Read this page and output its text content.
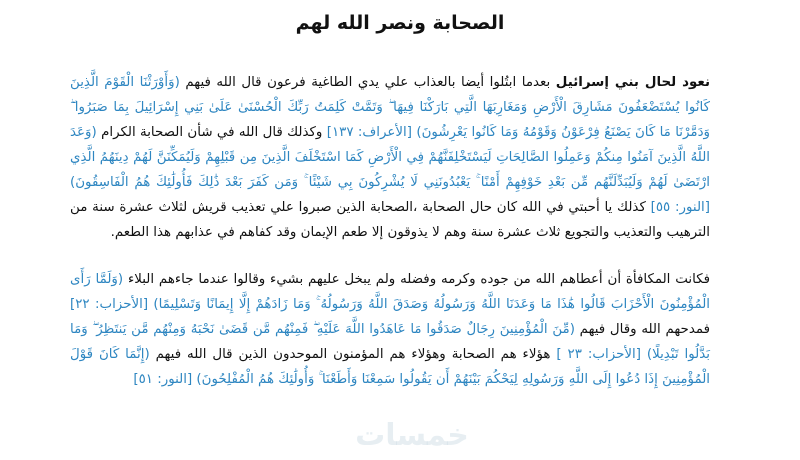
الصحابة ونصر الله لهم

نعود لحال بني إسرائيل بعدما ابتُلوا أيضا بالعذاب علي يدي الطاغية فرعون قال الله فيهم (وَأَوْرَثْنَا الْقَوْمَ الَّذِينَ كَانُوا يُسْتَضْعَفُونَ مَشَارِقَ الْأَرْضِ وَمَغَارِبَهَا الَّتِي بَارَكْنَا فِيهَا ۖ وَتَمَّتْ كَلِمَتُ رَبِّكَ الْحُسْنَىٰ عَلَىٰ بَنِي إِسْرَائِيلَ بِمَا صَبَرُوا ۖ وَدَمَّرْنَا مَا كَانَ يَصْنَعُ فِرْعَوْنُ وَقَوْمُهُ وَمَا كَانُوا يَعْرِشُونَ) [الأعراف: ١٣٧] وكذلك قال الله في شأن الصحابة الكرام (وَعَدَ اللَّهُ الَّذِينَ آمَنُوا مِنكُمْ وَعَمِلُوا الصَّالِحَاتِ لَيَسْتَخْلِفَنَّهُمْ فِي الْأَرْضِ كَمَا اسْتَخْلَفَ الَّذِينَ مِن قَبْلِهِمْ وَلَيُمَكِّنَنَّ لَهُمْ دِينَهُمُ الَّذِي ارْتَضَىٰ لَهُمْ وَلَيُبَدِّلَنَّهُم مِّن بَعْدِ خَوْفِهِمْ أَمْنًا ۚ يَعْبُدُونَنِي لَا يُشْرِكُونَ بِي شَيْئًا ۚ وَمَن كَفَرَ بَعْدَ ذَٰلِكَ فَأُولَٰئِكَ هُمُ الْفَاسِقُونَ) [النور: ٥٥] كذلك يا أحبتي في الله كان حال الصحابة ،الصحابة الذين صبروا علي تعذيب قريش لثلاث عشرة سنة من الترهيب والتعذيب والتجويع ثلاث عشرة سنة وهم لا يذوقون إلا طعم الإيمان وقد كفاهم في عذابهم هذا الطعم.

فكانت المكافأة أن أعطاهم الله من جوده وكرمه وفضله ولم يبخل عليهم بشيء وقالوا عندما جاءهم البلاء (وَلَمَّا رَأَى الْمُؤْمِنُونَ الْأَحْزَابَ قَالُوا هَٰذَا مَا وَعَدَنَا اللَّهُ وَرَسُولُهُ وَصَدَقَ اللَّهُ وَرَسُولُهُ ۚ وَمَا زَادَهُمْ إِلَّا إِيمَانًا وَتَسْلِيمًا) [الأحزاب: ٢٢] فمدحهم الله وقال فيهم (مِّنَ الْمُؤْمِنِينَ رِجَالٌ صَدَقُوا مَا عَاهَدُوا اللَّهَ عَلَيْهِ ۖ فَمِنْهُم مَّن قَضَىٰ نَحْبَهُ وَمِنْهُم مَّن يَنتَظِرُ ۖ وَمَا بَدَّلُوا تَبْدِيلًا) [الأحزاب: ٢٣ ] هؤلاء هم الصحابة وهؤلاء هم المؤمنون الموحدون الذين قال الله فيهم (إِنَّمَا كَانَ قَوْلَ الْمُؤْمِنِينَ إِذَا دُعُوا إِلَى اللَّهِ وَرَسُولِهِ لِيَحْكُمَ بَيْنَهُمْ أَن يَقُولُوا سَمِعْنَا وَأَطَعْنَا ۚ وَأُولَٰئِكَ هُمُ الْمُفْلِحُونَ) [النور: ٥١]

خمسات
